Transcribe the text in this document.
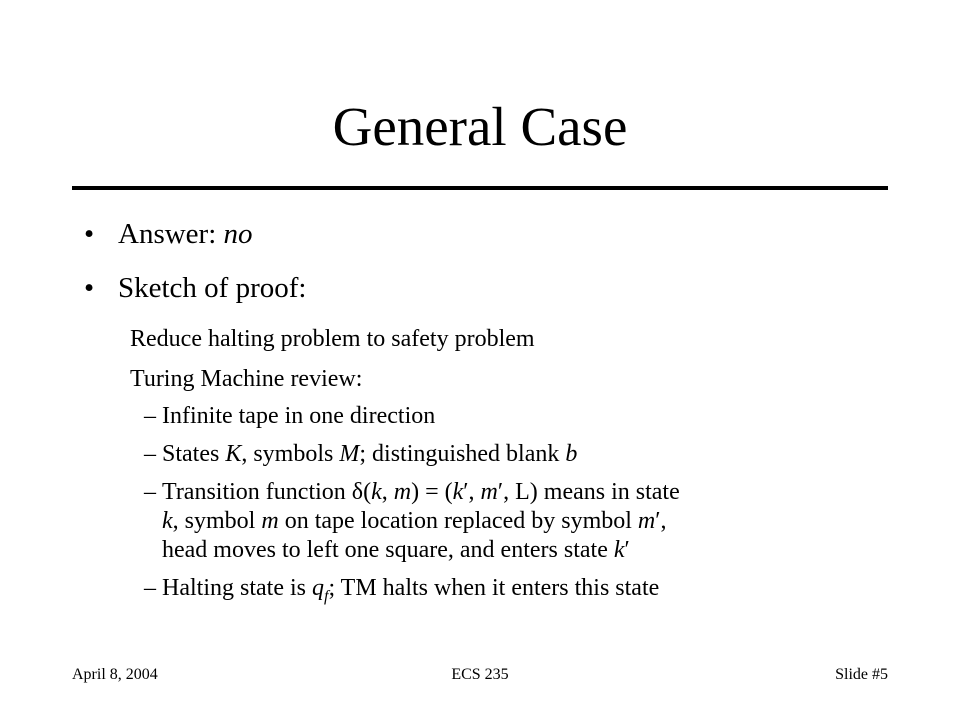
General Case
• Answer: no
• Sketch of proof:
Reduce halting problem to safety problem
Turing Machine review:
– Infinite tape in one direction
– States K, symbols M; distinguished blank b
– Transition function δ(k, m) = (k′, m′, L) means in state
k, symbol m on tape location replaced by symbol m′,
head moves to left one square, and enters state k′
– Halting state is $q_f$; TM halts when it enters this state
April 8, 2004	ECS 235	Slide #5
